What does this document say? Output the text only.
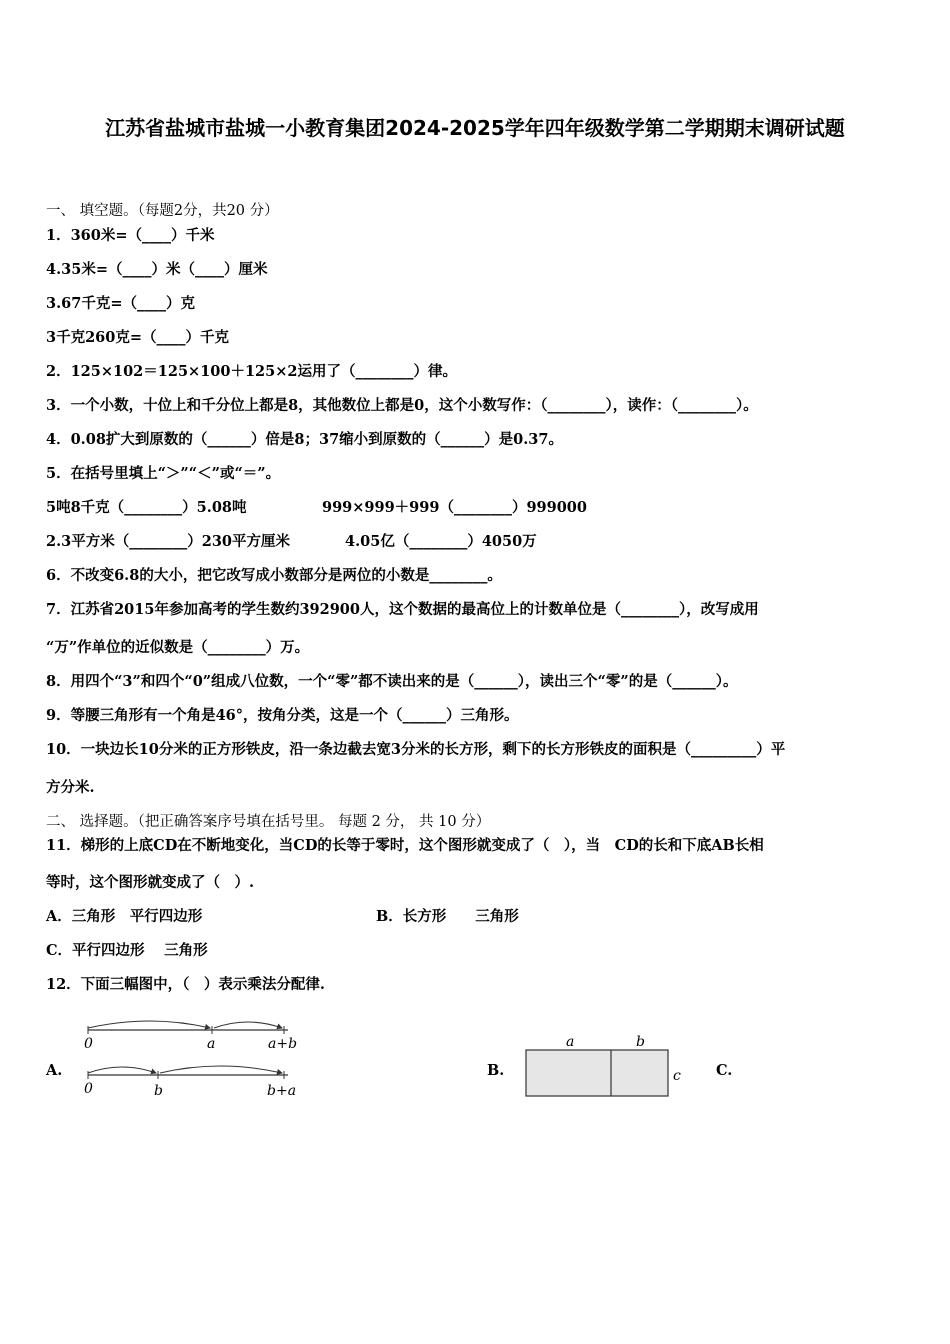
江苏省盐城市盐城一小教育集团2024-2025学年四年级数学第二学期期末调研试题
一、 填空题。（每题2分，共20 分）
1．360米=（____）千米
4.35米=（____）米（____）厘米
3.67千克=（____）克
3千克260克=（____）千克
2．125×102＝125×100＋125×2运用了（________）律。
3．一个小数，十位上和千分位上都是8，其他数位上都是0，这个小数写作：（________），读作：（________）。
4．0.08扩大到原数的（______）倍是8；37缩小到原数的（______）是0.37。
5．在括号里填上“＞”“＜”或“＝”。
5吨8千克（________）5.08吨	999×999＋999（________）999000
2.3平方米（________）230平方厘米	4.05亿（________）4050万
6．不改变6.8的大小，把它改写成小数部分是两位的小数是________。
7．江苏省2015年参加高考的学生数约392900人，这个数据的最高位上的计数单位是（________），改写成用
“万”作单位的近似数是（________）万。
8．用四个“3”和四个“0”组成八位数，一个“零”都不读出来的是（______），读出三个“零”的是（______）。
9．等腰三角形有一个角是46°，按角分类，这是一个（______）三角形。
10．一块边长10分米的正方形铁皮，沿一条边截去宽3分米的长方形，剩下的长方形铁皮的面积是（_________）平
方分米.
二、 选择题。（把正确答案序号填在括号里。 每题 2 分， 共 10 分）
11．梯形的上底CD在不断地变化，当CD的长等于零时，这个图形就变成了（　），当　CD的长和下底AB长相
等时，这个图形就变成了（　）.
A．三角形　平行四边形	B．长方形　　三角形
C．平行四边形　 三角形
12．下面三幅图中，（　）表示乘法分配律.
A.	B.	C.
0	a	a+b
0	b	b+a
a	b
c
